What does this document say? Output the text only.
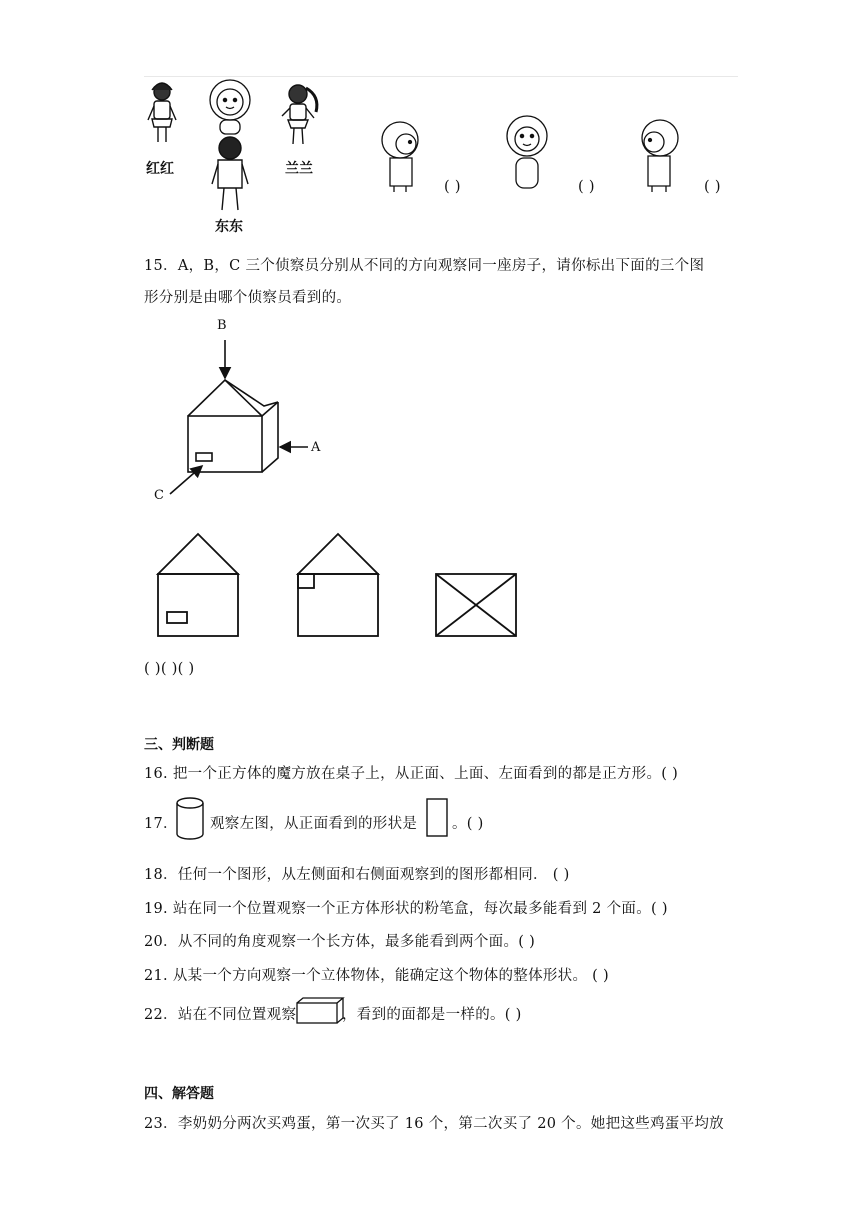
红红	兰兰
东东
( )	( )	( )
15．A，B，C 三个侦察员分别从不同的方向观察同一座房子，请你标出下面的三个图
形分别是由哪个侦察员看到的。
B
A
C
( )( )( )
三、判断题
16. 把一个正方体的魔方放在桌子上，从正面、上面、左面看到的都是正方形。( )
17． 观察左图，从正面看到的形状是 。( )
18．任何一个图形，从左侧面和右侧面观察到的图形都相同． ( )
19. 站在同一个位置观察一个正方体形状的粉笔盒，每次最多能看到 2 个面。( )
20．从不同的角度观察一个长方体，最多能看到两个面。( )
21. 从某一个方向观察一个立体物体，能确定这个物体的整体形状。 ( )
22．站在不同位置观察	，看到的面都是一样的。( )
四、解答题
23．李奶奶分两次买鸡蛋，第一次买了 16 个，第二次买了 20 个。她把这些鸡蛋平均放
